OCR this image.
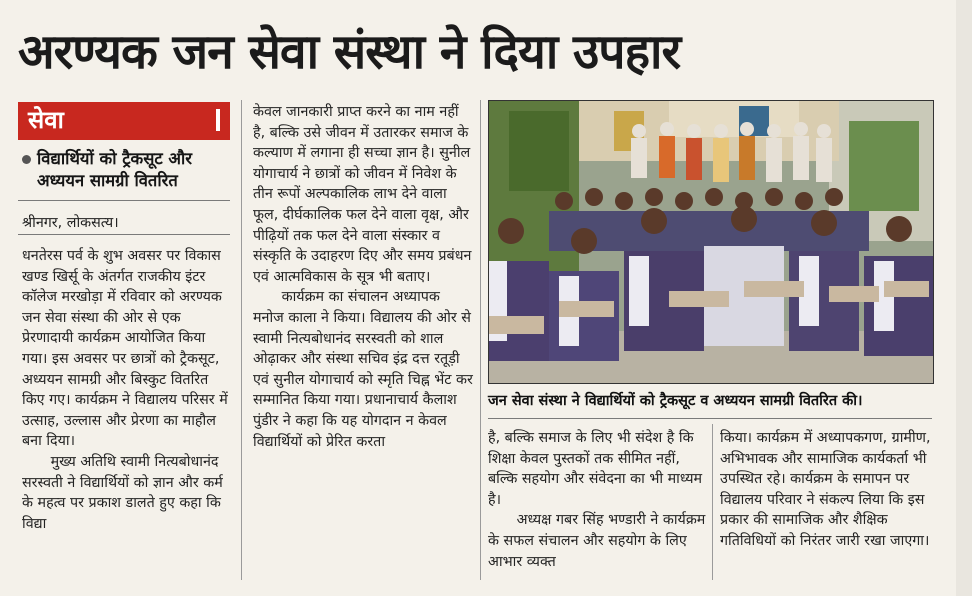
अरण्यक जन सेवा संस्था ने दिया उपहार
सेवा
विद्यार्थियों को ट्रैकसूट और
अध्ययन सामग्री वितरित
श्रीनगर, लोकसत्य।

धनतेरस पर्व के शुभ अवसर पर विकास खण्ड खिर्सू के अंतर्गत राजकीय इंटर कॉलेज मरखोड़ा में रविवार को अरण्यक जन सेवा संस्था की ओर से एक प्रेरणादायी कार्यक्रम आयोजित किया गया। इस अवसर पर छात्रों को ट्रैकसूट, अध्ययन सामग्री और बिस्कुट वितरित किए गए। कार्यक्रम ने विद्यालय परिसर में उत्साह, उल्लास और प्रेरणा का माहौल बना दिया।

मुख्य अतिथि स्वामी नित्यबोधानंद सरस्वती ने विद्यार्थियों को ज्ञान और कर्म के महत्व पर प्रकाश डालते हुए कहा कि विद्या

केवल जानकारी प्राप्त करने का नाम नहीं है, बल्कि उसे जीवन में उतारकर समाज के कल्याण में लगाना ही सच्चा ज्ञान है। सुनील योगाचार्य ने छात्रों को जीवन में निवेश के तीन रूपों अल्पकालिक लाभ देने वाला फूल, दीर्घकालिक फल देने वाला वृक्ष, और पीढ़ियों तक फल देने वाला संस्कार व संस्कृति के उदाहरण दिए और समय प्रबंधन एवं आत्मविकास के सूत्र भी बताए।

कार्यक्रम का संचालन अध्यापक मनोज काला ने किया। विद्यालय की ओर से स्वामी नित्यबोधानंद सरस्वती को शाल ओढ़ाकर और संस्था सचिव इंद्र दत्त रतूड़ी एवं सुनील योगाचार्य को स्मृति चिह्न भेंट कर सम्मानित किया गया। प्रधानाचार्य कैलाश पुंडीर ने कहा कि यह योगदान न केवल विद्यार्थियों को प्रेरित करता

जन सेवा संस्था ने विद्यार्थियों को ट्रैकसूट व अध्ययन सामग्री वितरित की।

है, बल्कि समाज के लिए भी संदेश है कि शिक्षा केवल पुस्तकों तक सीमित नहीं, बल्कि सहयोग और संवेदना का भी माध्यम है।

अध्यक्ष गबर सिंह भण्डारी ने कार्यक्रम के सफल संचालन और सहयोग के लिए आभार व्यक्त

किया। कार्यक्रम में अध्यापकगण, ग्रामीण, अभिभावक और सामाजिक कार्यकर्ता भी उपस्थित रहे। कार्यक्रम के समापन पर विद्यालय परिवार ने संकल्प लिया कि इस प्रकार की सामाजिक और शैक्षिक गतिविधियों को निरंतर जारी रखा जाएगा।
